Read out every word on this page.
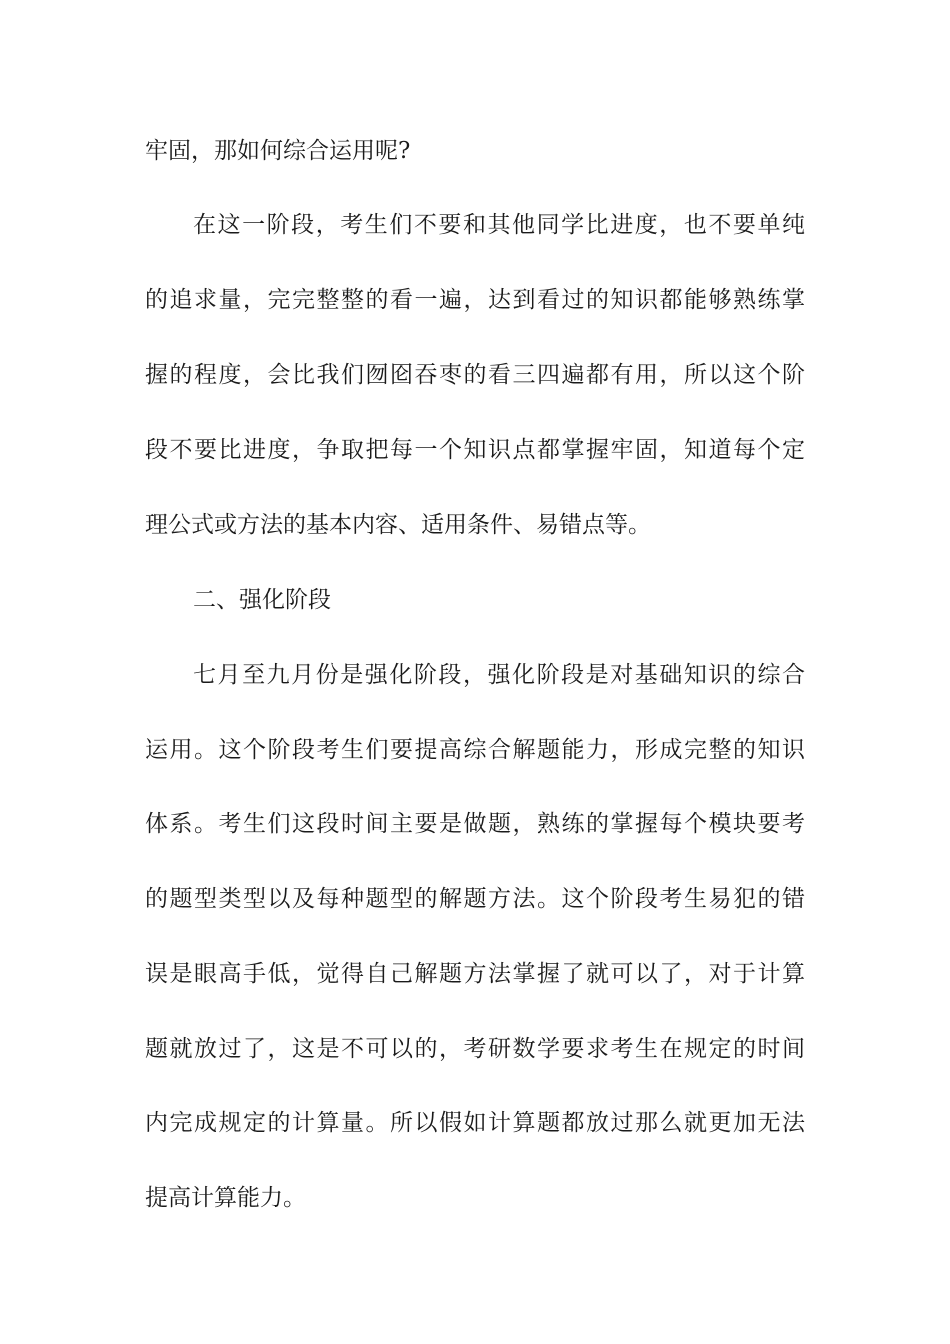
牢固，那如何综合运用呢?
在这一阶段，考生们不要和其他同学比进度，也不要单纯
的追求量，完完整整的看一遍，达到看过的知识都能够熟练掌
握的程度，会比我们囫囵吞枣的看三四遍都有用，所以这个阶
段不要比进度，争取把每一个知识点都掌握牢固，知道每个定
理公式或方法的基本内容、适用条件、易错点等。
二、强化阶段
七月至九月份是强化阶段，强化阶段是对基础知识的综合
运用。这个阶段考生们要提高综合解题能力，形成完整的知识
体系。考生们这段时间主要是做题，熟练的掌握每个模块要考
的题型类型以及每种题型的解题方法。这个阶段考生易犯的错
误是眼高手低，觉得自己解题方法掌握了就可以了，对于计算
题就放过了，这是不可以的，考研数学要求考生在规定的时间
内完成规定的计算量。所以假如计算题都放过那么就更加无法
提高计算能力。
